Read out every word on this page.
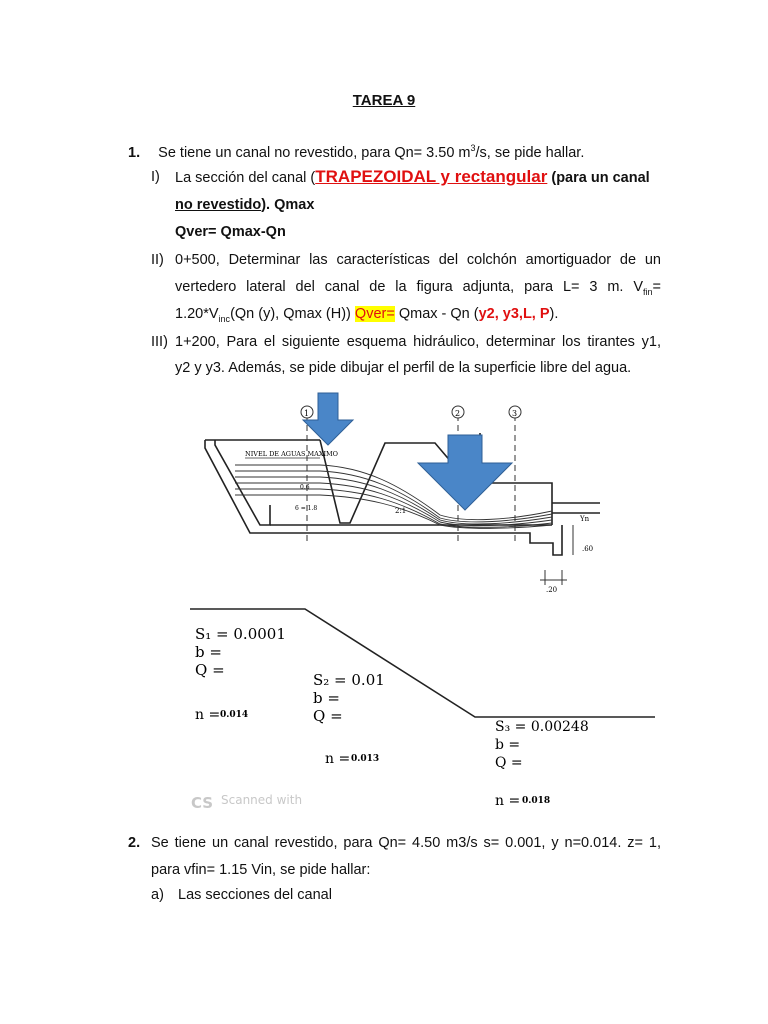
TAREA 9
1. Se tiene un canal no revestido, para Qn= 3.50 $m^3/s$, se pide hallar.
I) La sección del canal (TRAPEZOIDAL y rectangular (para un canal
no revestido). Qmax
Qver= Qmax-Qn
II) 0+500, Determinar las características del colchón amortiguador de un
vertedero lateral del canal de la figura adjunta, para L= 3 m. $V_{fin}=$
$1.20*V_{inc}(Qn$ (y), Qmax (H)) Qver= Qmax - Qn (y2, y3,L, P).
III) 1+200, Para el siguiente esquema hidráulico, determinar los tirantes y1,
y2 y y3. Además, se pide dibujar el perfil de la superficie libre del agua.
1	2	3
NIVEL DE AGUAS MAXIMO
0.6
6 = 1.8	2:1
Yn
.60
.20
S₁ = 0.0001
b =
Q =
n = 0.014
S₂ = 0.01
b =
Q =
n = 0.013
S₃ = 0.00248
b =
Q =
n = 0.018
CS Scanned with
2. Se tiene un canal revestido, para Qn= 4.50 m3/s s= 0.001, y n=0.014. z= 1,
para vfin= 1.15 Vin, se pide hallar:
a) Las secciones del canal
